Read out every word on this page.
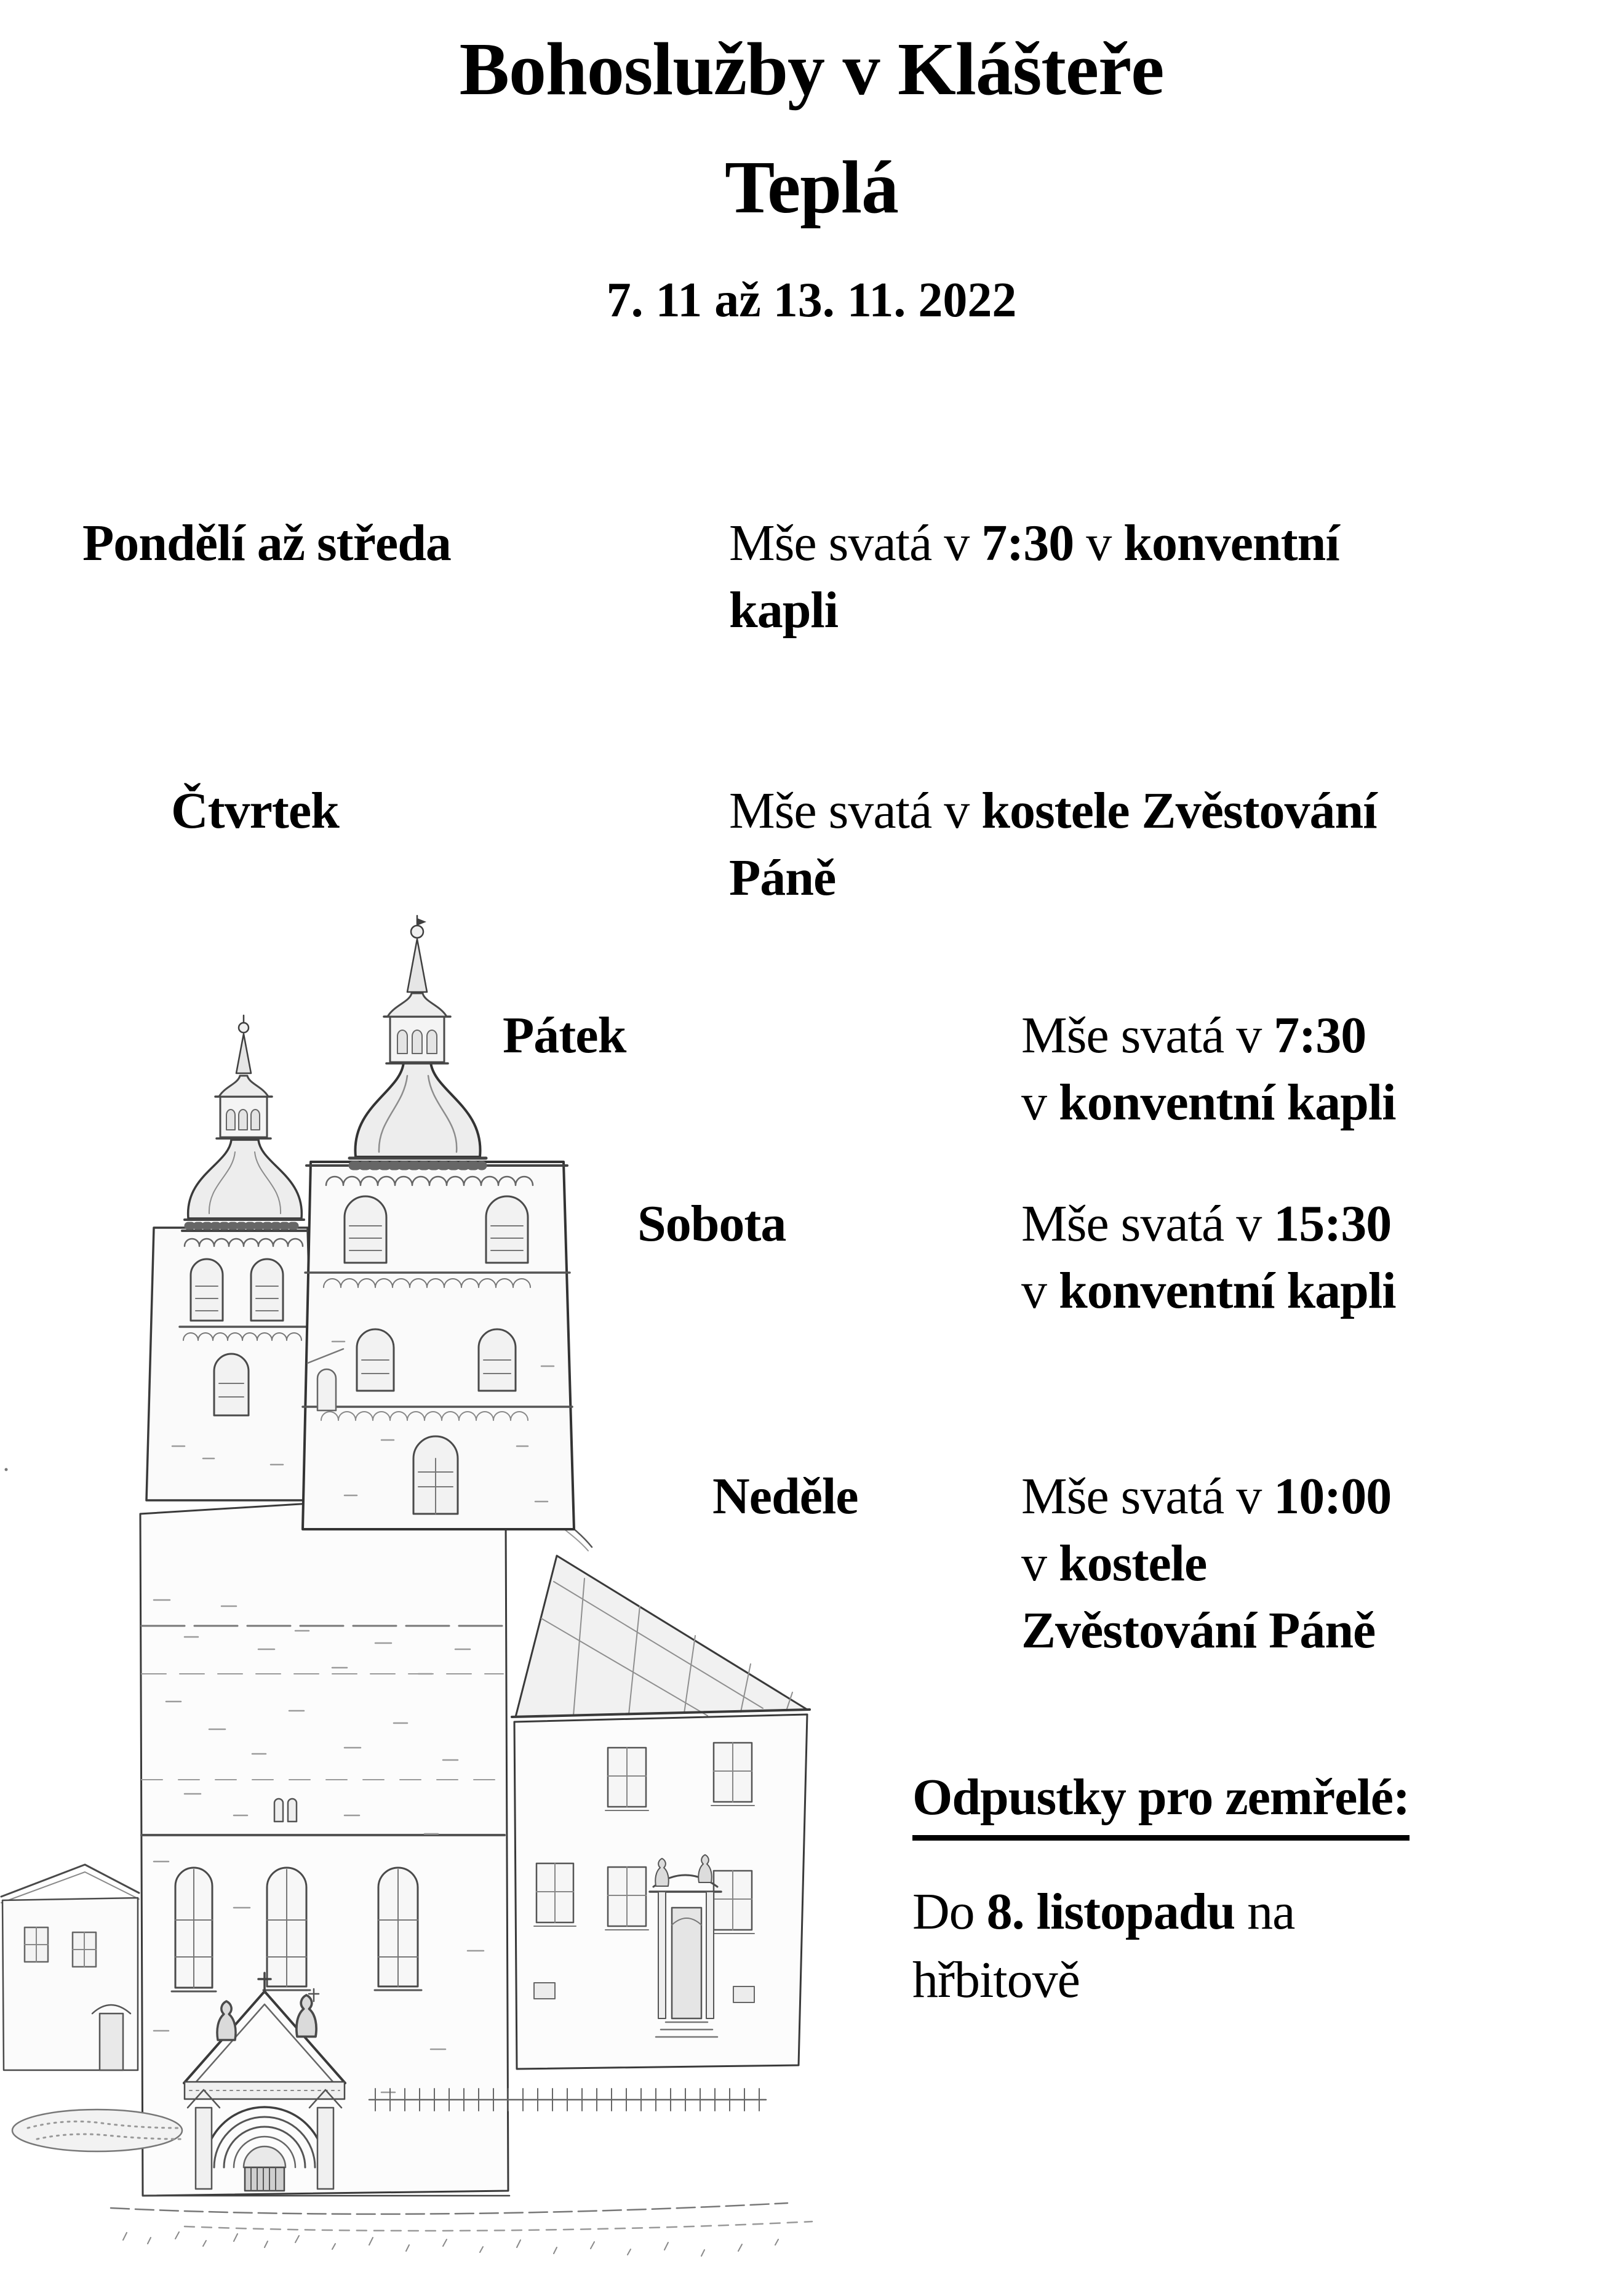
Bohoslužby v Klášteře
Teplá
7. 11 až 13. 11. 2022
Pondělí až středa	Mše svatá v 7:30 v konventní
kapli
Čtvrtek	Mše svatá v kostele Zvěstování
Páně
Pátek	Mše svatá v 7:30
v konventní kapli
Sobota	Mše svatá v 15:30
v konventní kapli
Neděle	Mše svatá v 10:00
v kostele
Zvěstování Páně
Odpustky pro zemřelé:
Do 8. listopadu na
hřbitově
